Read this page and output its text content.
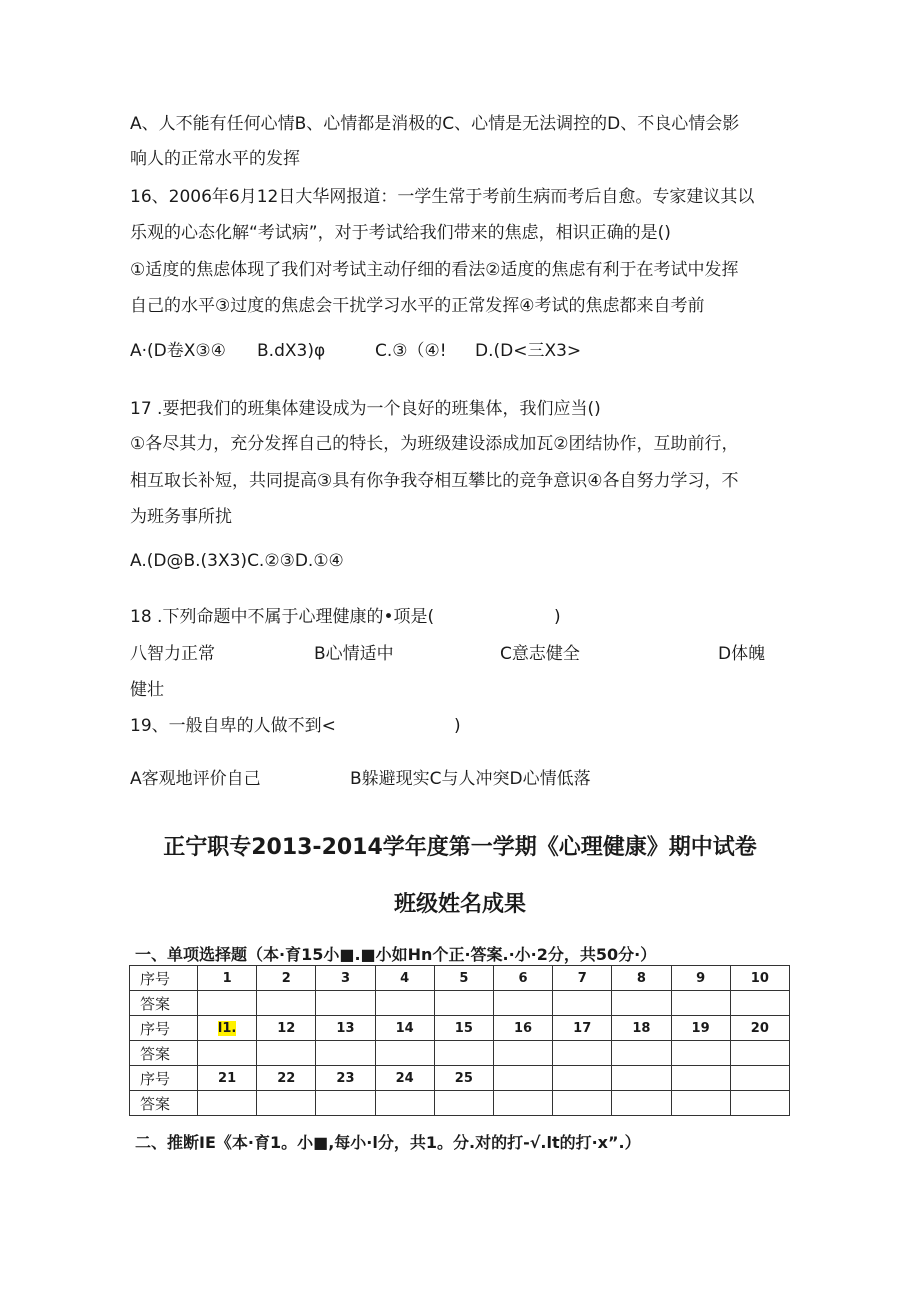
A、人不能有任何心情B、心情都是消极的C、心情是无法调控的D、不良心情会影
响人的正常水平的发挥
16、2006年6月12日大华网报道：一学生常于考前生病而考后自愈。专家建议其以
乐观的心态化解“考试病”，对于考试给我们带来的焦虑，相识正确的是()
①适度的焦虑体现了我们对考试主动仔细的看法②适度的焦虑有利于在考试中发挥
自己的水平③过度的焦虑会干扰学习水平的正常发挥④考试的焦虑都来自考前
A·(D卷X③④ B.dX3)φ	C.③（④! D.(D<三X3>
17 .要把我们的班集体建设成为一个良好的班集体，我们应当()
①各尽其力，充分发挥自己的特长，为班级建设添成加瓦②团结协作，互助前行，
相互取长补短，共同提高③具有你争我夺相互攀比的竞争意识④各自努力学习，不
为班务事所扰
A.(D@B.(3X3)C.②③D.①④
18 .下列命题中不属于心理健康的•项是(	)
八智力正常	B心情适中	C意志健全	D体魄
健壮
19、一般自卑的人做不到<	)
A客观地评价自己	B躲避现实C与人冲突D心情低落
正宁职专2013-2014学年度第一学期《心理健康》期中试卷
班级姓名成果
一、单项选择题（本·育15小■.■小如Hn个正·答案.·小·2分，共50分·）
序号	1	2	3	4	5	6	7	8	9	10
答案										
序号	l1.	12	13	14	15	16	17	18	19	20
答案										
序号	21	22	23	24	25					
答案										
二、推断IE《本·育1。小■,每小·l分，共1。分.对的打-√.lt的打·x”.）
